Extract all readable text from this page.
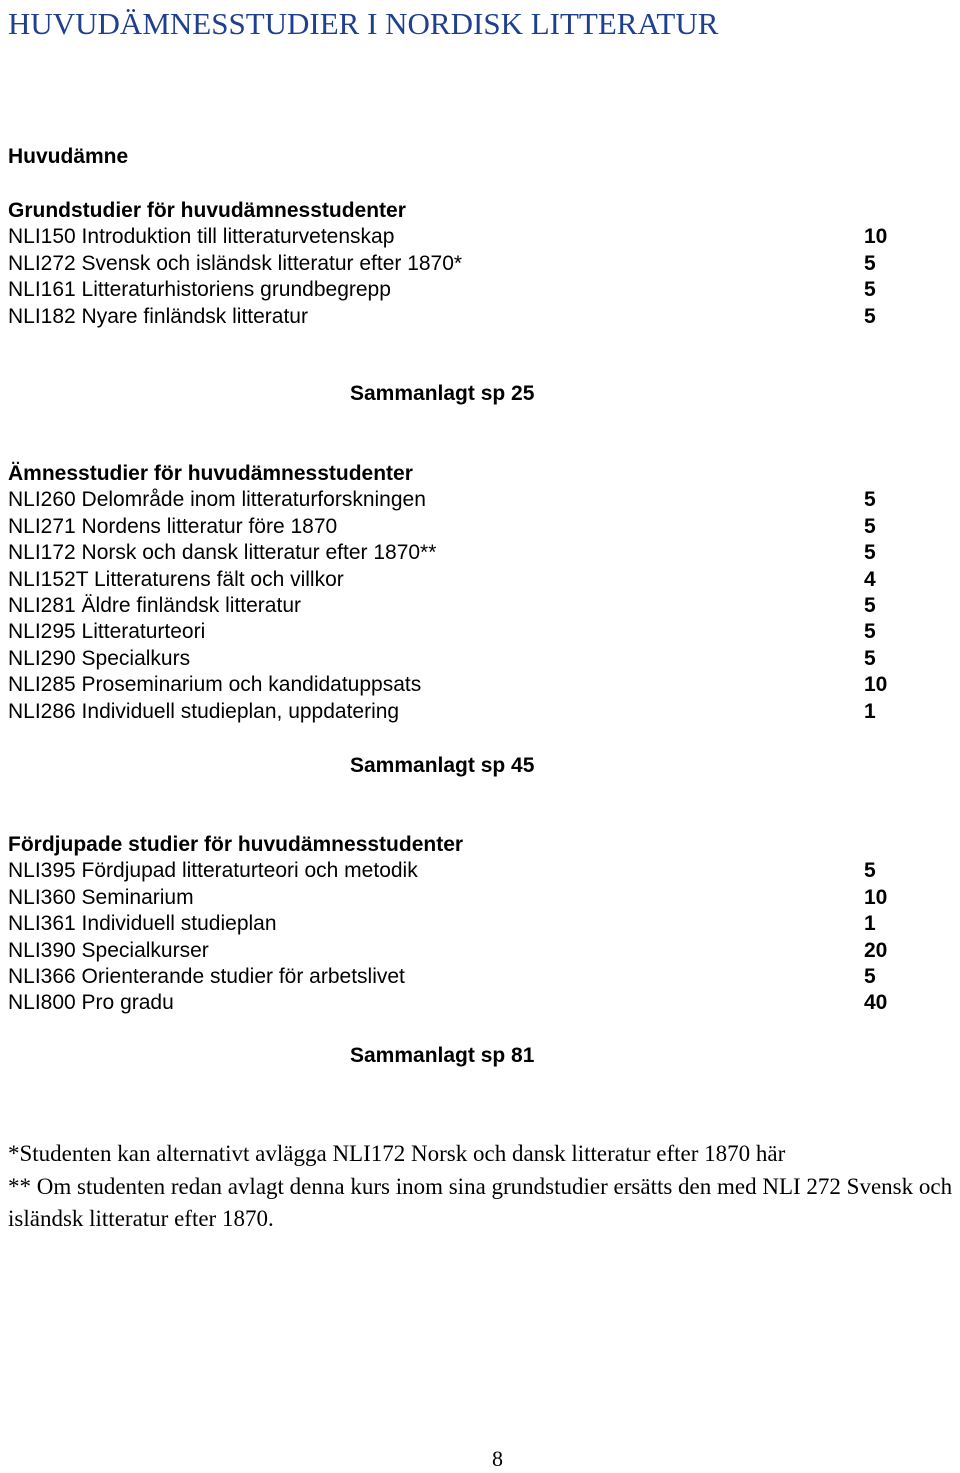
HUVUDÄMNESSTUDIER I NORDISK LITTERATUR
Huvudämne
Grundstudier för huvudämnesstudenter
NLI150 Introduktion till litteraturvetenskap	10
NLI272 Svensk och isländsk litteratur efter 1870*	5
NLI161 Litteraturhistoriens grundbegrepp	5
NLI182 Nyare finländsk litteratur	5
Sammanlagt sp 25
Ämnesstudier för huvudämnesstudenter
NLI260 Delområde inom litteraturforskningen	5
NLI271 Nordens litteratur före 1870	5
NLI172 Norsk och dansk litteratur efter 1870**	5
NLI152T Litteraturens fält och villkor	4
NLI281 Äldre finländsk litteratur	5
NLI295 Litteraturteori	5
NLI290 Specialkurs	5
NLI285 Proseminarium och kandidatuppsats	10
NLI286 Individuell studieplan, uppdatering	1
Sammanlagt sp 45
Fördjupade studier för huvudämnesstudenter
NLI395 Fördjupad litteraturteori och metodik	5
NLI360 Seminarium	10
NLI361 Individuell studieplan	1
NLI390 Specialkurser	20
NLI366 Orienterande studier för arbetslivet	5
NLI800 Pro gradu	40
Sammanlagt sp 81

*Studenten kan alternativt avlägga NLI172 Norsk och dansk litteratur efter 1870 här

** Om studenten redan avlagt denna kurs inom sina grundstudier ersätts den med NLI 272 Svensk och isländsk litteratur efter 1870.

8
